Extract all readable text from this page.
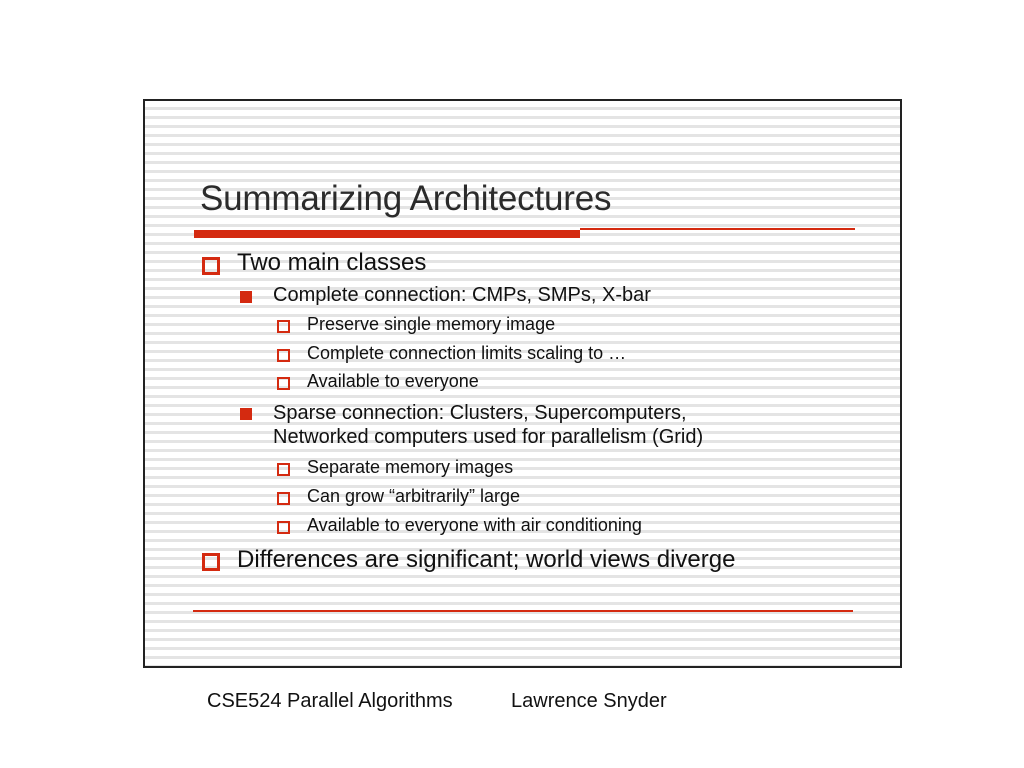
Summarizing Architectures
Two main classes
Complete connection: CMPs, SMPs, X-bar
Preserve single memory image
Complete connection limits scaling to …
Available to everyone
Sparse connection: Clusters, Supercomputers,
Networked computers used for parallelism (Grid)
Separate memory images
Can grow “arbitrarily” large
Available to everyone with air conditioning
Differences are significant; world views diverge
CSE524 Parallel Algorithms	Lawrence Snyder
